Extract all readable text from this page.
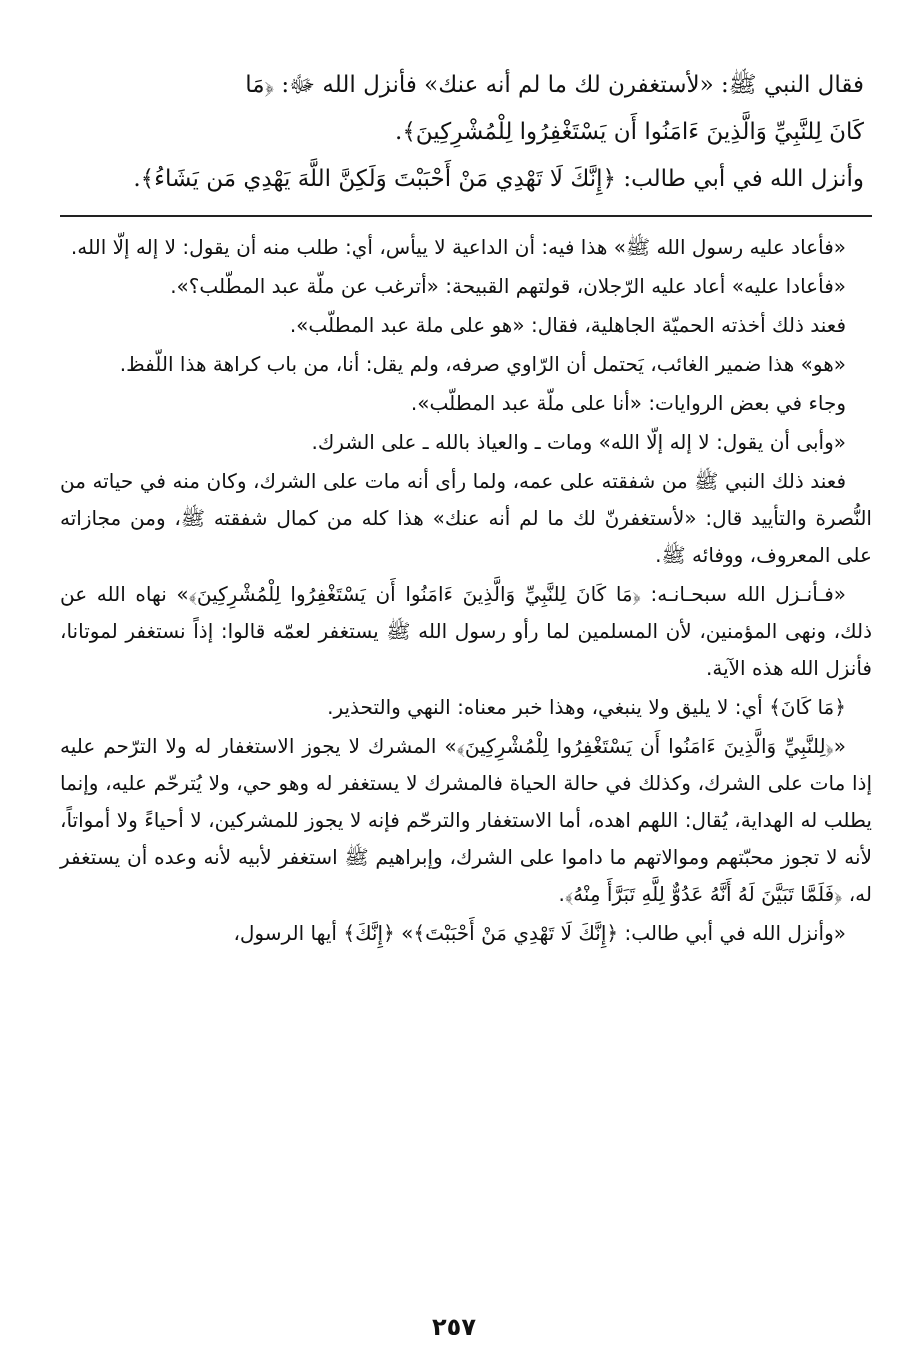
فقال النبي ﷺ: «لأستغفرن لك ما لم أنه عنك» فأنزل الله ﷻ: ﴿مَا

كَانَ لِلنَّبِيِّ وَالَّذِينَ ءَامَنُوا أَن يَسْتَغْفِرُوا لِلْمُشْرِكِينَ﴾.

وأنزل الله في أبي طالب: ﴿إِنَّكَ لَا تَهْدِي مَنْ أَحْبَبْتَ وَلَكِنَّ اللَّهَ يَهْدِي مَن يَشَاءُ﴾.

«فأعاد عليه رسول الله ﷺ» هذا فيه: أن الداعية لا ييأس، أي: طلب منه أن يقول: لا إله إلّا الله.

«فأعادا عليه» أعاد عليه الرّجلان، قولتهم القبيحة: «أترغب عن ملّة عبد المطّلب؟».

فعند ذلك أخذته الحميّة الجاهلية، فقال: «هو على ملة عبد المطلّب».

«هو» هذا ضمير الغائب، يَحتمل أن الرّاوي صرفه، ولم يقل: أنا، من باب كراهة هذا اللّفظ.

وجاء في بعض الروايات: «أنا على ملّة عبد المطلّب».

«وأبى أن يقول: لا إله إلّا الله» ومات ـ والعياذ بالله ـ على الشرك.

فعند ذلك النبي ﷺ من شفقته على عمه، ولما رأى أنه مات على الشرك، وكان منه في حياته من النُّصرة والتأييد قال: «لأستغفرنّ لك ما لم أنه عنك» هذا كله من كمال شفقته ﷺ، ومن مجازاته على المعروف، ووفائه ﷺ.

«فـأنـزل الله سبحـانـه: ﴿مَا كَانَ لِلنَّبِيِّ وَالَّذِينَ ءَامَنُوا أَن يَسْتَغْفِرُوا لِلْمُشْرِكِينَ﴾» نهاه الله عن ذلك، ونهى المؤمنين، لأن المسلمين لما رأو رسول الله ﷺ يستغفر لعمّه قالوا: إذاً نستغفر لموتانا، فأنزل الله هذه الآية.

﴿مَا كَانَ﴾ أي: لا يليق ولا ينبغي، وهذا خبر معناه: النهي والتحذير.

«﴿لِلنَّبِيِّ وَالَّذِينَ ءَامَنُوا أَن يَسْتَغْفِرُوا لِلْمُشْرِكِينَ﴾» المشرك لا يجوز الاستغفار له ولا الترّحم عليه إذا مات على الشرك، وكذلك في حالة الحياة فالمشرك لا يستغفر له وهو حي، ولا يُترحّم عليه، وإنما يطلب له الهداية، يُقال: اللهم اهده، أما الاستغفار والترحّم فإنه لا يجوز للمشركين، لا أحياءً ولا أمواتاً، لأنه لا تجوز محبّتهم وموالاتهم ما داموا على الشرك، وإبراهيم ﷺ استغفر لأبيه لأنه وعده أن يستغفر له، ﴿فَلَمَّا تَبَيَّنَ لَهُ أَنَّهُ عَدُوٌّ لِلَّهِ تَبَرَّأَ مِنْهُ﴾.

«وأنزل الله في أبي طالب: ﴿إِنَّكَ لَا تَهْدِي مَنْ أَحْبَبْتَ﴾» ﴿إِنَّكَ﴾ أيها الرسول،

٢٥٧
